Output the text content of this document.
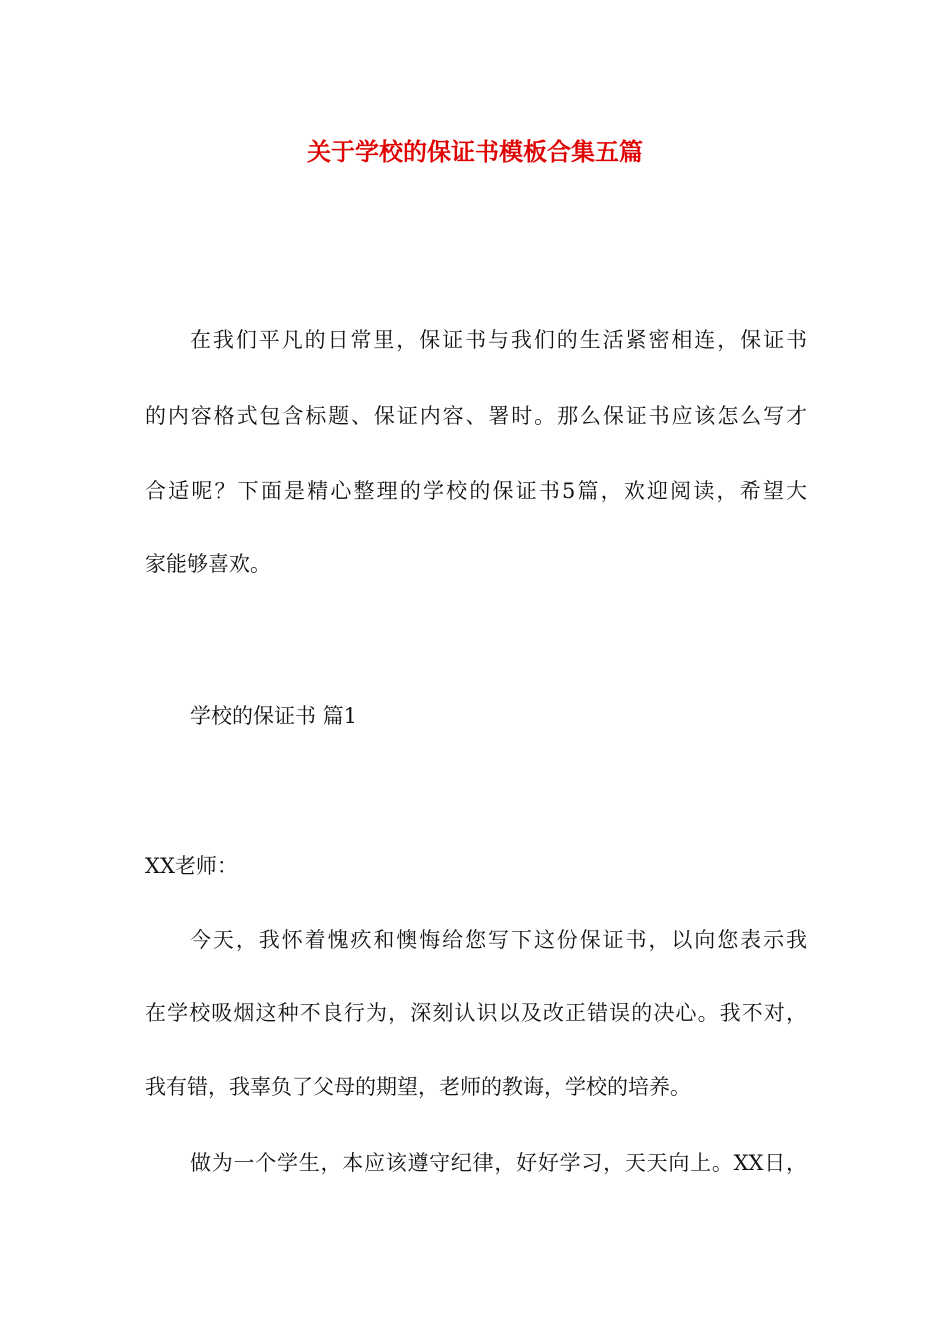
关于学校的保证书模板合集五篇
在我们平凡的日常里，保证书与我们的生活紧密相连，保证书
的内容格式包含标题、保证内容、署时。那么保证书应该怎么写才
合适呢？下面是精心整理的学校的保证书5篇，欢迎阅读，希望大
家能够喜欢。
学校的保证书 篇1
XX老师：
今天，我怀着愧疚和懊悔给您写下这份保证书，以向您表示我
在学校吸烟这种不良行为，深刻认识以及改正错误的决心。我不对，
我有错，我辜负了父母的期望，老师的教诲，学校的培养。
做为一个学生，本应该遵守纪律，好好学习，天天向上。XX日，
